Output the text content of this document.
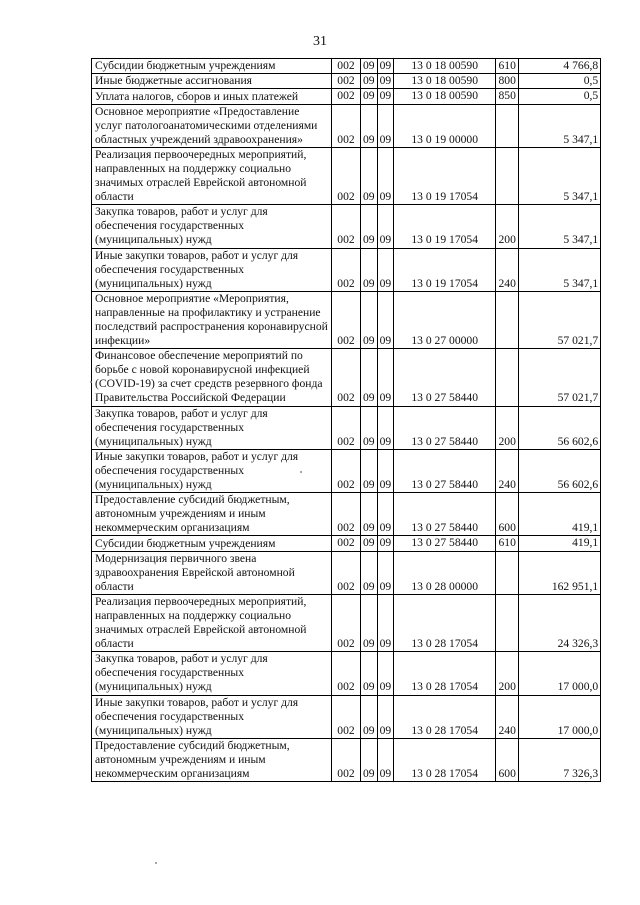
31
Субсидии бюджетным учреждениям	002	09	09	13 0 18 00590	610	4 766,8
Иные бюджетные ассигнования	002	09	09	13 0 18 00590	800	0,5
Уплата налогов, сборов и иных платежей	002	09	09	13 0 18 00590	850	0,5
Основное мероприятие «Предоставление услуг патологоанатомическими отделениями областных учреждений здравоохранения»	002	09	09	13 0 19 00000		5 347,1
Реализация первоочередных мероприятий, направленных на поддержку социально значимых отраслей Еврейской автономной области	002	09	09	13 0 19 17054		5 347,1
Закупка товаров, работ и услуг для обеспечения государственных (муниципальных) нужд	002	09	09	13 0 19 17054	200	5 347,1
Иные закупки товаров, работ и услуг для обеспечения государственных (муниципальных) нужд	002	09	09	13 0 19 17054	240	5 347,1
Основное мероприятие «Мероприятия, направленные на профилактику и устранение последствий распространения коронавирусной инфекции»	002	09	09	13 0 27 00000		57 021,7
Финансовое обеспечение мероприятий по борьбе с новой коронавирусной инфекцией (COVID-19) за счет средств резервного фонда Правительства Российской Федерации	002	09	09	13 0 27 58440		57 021,7
Закупка товаров, работ и услуг для обеспечения государственных (муниципальных) нужд	002	09	09	13 0 27 58440	200	56 602,6
Иные закупки товаров, работ и услуг для обеспечения государственных (муниципальных) нужд	002	09	09	13 0 27 58440	240	56 602,6
Предоставление субсидий бюджетным, автономным учреждениям и иным некоммерческим организациям	002	09	09	13 0 27 58440	600	419,1
Субсидии бюджетным учреждениям	002	09	09	13 0 27 58440	610	419,1
Модернизация первичного звена здравоохранения Еврейской автономной области	002	09	09	13 0 28 00000		162 951,1
Реализация первоочередных мероприятий, направленных на поддержку социально значимых отраслей Еврейской автономной области	002	09	09	13 0 28 17054		24 326,3
Закупка товаров, работ и услуг для обеспечения государственных (муниципальных) нужд	002	09	09	13 0 28 17054	200	17 000,0
Иные закупки товаров, работ и услуг для обеспечения государственных (муниципальных) нужд	002	09	09	13 0 28 17054	240	17 000,0
Предоставление субсидий бюджетным, автономным учреждениям и иным некоммерческим организациям	002	09	09	13 0 28 17054	600	7 326,3
